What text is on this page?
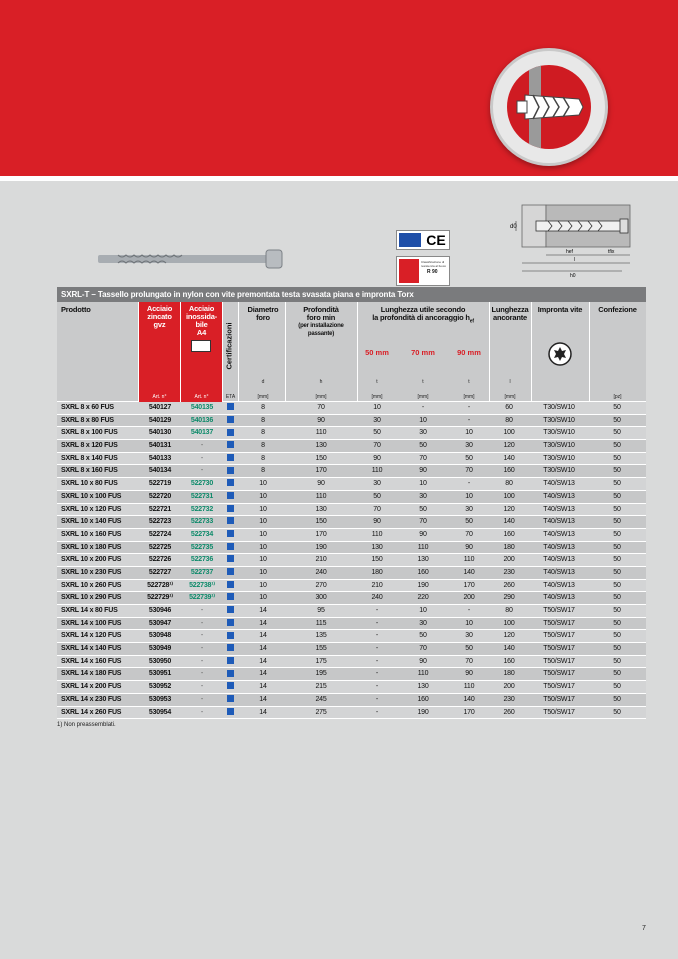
CE
Classificazione di resistenza al fuoco
R 90
d0
hef	tfix
l
h0
SXRL-T – Tassello prolungato in nylon con vite premontata testa svasata piana e impronta Torx
Prodotto	Acciaio
zincato
gvz
Acciaio
inossida-
bile
A4	Certificazioni
Diametro
foro
Profondità
foro min
(per installazione
passante)
Lunghezza utile secondo
la profondità di ancoraggio $h_{ef}$
50 mm	70 mm	90 mm
Lunghezza
ancorante
Impronta vite	Confezione
d	h	t	t	t	l
Art. n°	Art. n°	ETA	[mm]	[mm]	[mm]	[mm]	[mm]	[mm]	[pz]
SXRL 8 x 60 FUS	540127	540135	8	70	10	-	-	60	T30/SW10	50
SXRL 8 x 80 FUS	540129	540136	8	90	30	10	-	80	T30/SW10	50
SXRL 8 x 100 FUS	540130	540137	8	110	50	30	10	100	T30/SW10	50
SXRL 8 x 120 FUS	540131	-	8	130	70	50	30	120	T30/SW10	50
SXRL 8 x 140 FUS	540133	-	8	150	90	70	50	140	T30/SW10	50
SXRL 8 x 160 FUS	540134	-	8	170	110	90	70	160	T30/SW10	50
SXRL 10 x 80 FUS	522719	522730	10	90	30	10	-	80	T40/SW13	50
SXRL 10 x 100 FUS	522720	522731	10	110	50	30	10	100	T40/SW13	50
SXRL 10 x 120 FUS	522721	522732	10	130	70	50	30	120	T40/SW13	50
SXRL 10 x 140 FUS	522723	522733	10	150	90	70	50	140	T40/SW13	50
SXRL 10 x 160 FUS	522724	522734	10	170	110	90	70	160	T40/SW13	50
SXRL 10 x 180 FUS	522725	522735	10	190	130	110	90	180	T40/SW13	50
SXRL 10 x 200 FUS	522726	522736	10	210	150	130	110	200	T40/SW13	50
SXRL 10 x 230 FUS	522727	522737	10	240	180	160	140	230	T40/SW13	50
SXRL 10 x 260 FUS	522728¹⁾	522738¹⁾	10	270	210	190	170	260	T40/SW13	50
SXRL 10 x 290 FUS	522729¹⁾	522739¹⁾	10	300	240	220	200	290	T40/SW13	50
SXRL 14 x 80 FUS	530946	-	14	95	-	10	-	80	T50/SW17	50
SXRL 14 x 100 FUS	530947	-	14	115	-	30	10	100	T50/SW17	50
SXRL 14 x 120 FUS	530948	-	14	135	-	50	30	120	T50/SW17	50
SXRL 14 x 140 FUS	530949	-	14	155	-	70	50	140	T50/SW17	50
SXRL 14 x 160 FUS	530950	-	14	175	-	90	70	160	T50/SW17	50
SXRL 14 x 180 FUS	530951	-	14	195	-	110	90	180	T50/SW17	50
SXRL 14 x 200 FUS	530952	-	14	215	-	130	110	200	T50/SW17	50
SXRL 14 x 230 FUS	530953	-	14	245	-	160	140	230	T50/SW17	50
SXRL 14 x 260 FUS	530954	-	14	275	-	190	170	260	T50/SW17	50
1) Non preassemblati.
7
